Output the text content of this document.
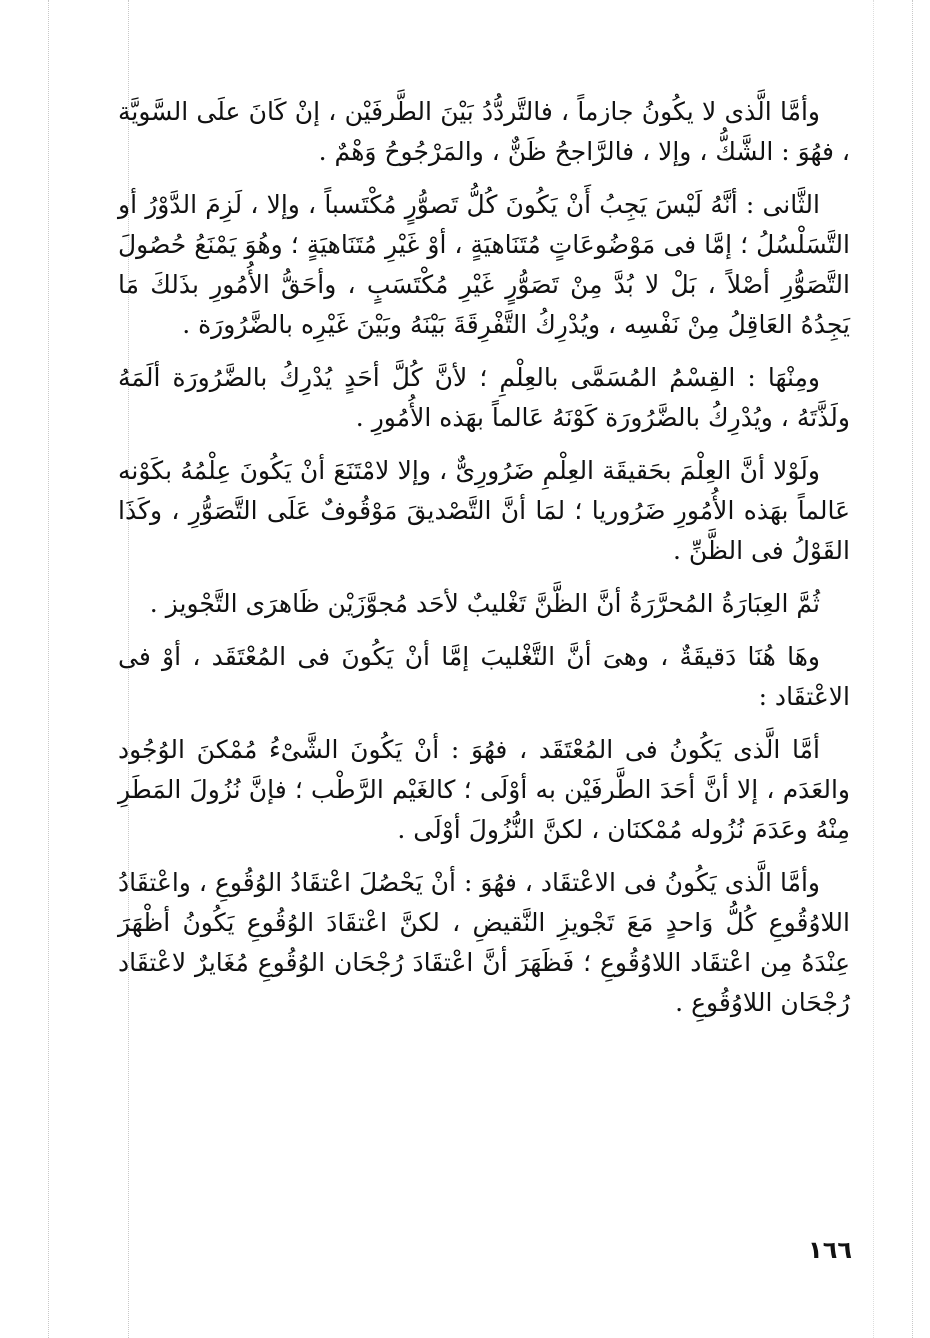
وأمَّا الَّذى لا يكُونُ جازماً ، فالتَّردُّدُ بَيْنَ الطَّرفَيْن ، إنْ كَانَ علَى السَّويَّة ، فهُوَ : الشَّكُّ ، وإلا ، فالرَّاجحُ ظَنٌّ ، والمَرْجُوحُ وَهْمٌ .

الثَّانى : أنَّهُ لَيْسَ يَجِبُ أَنْ يَكُونَ كُلُّ تَصوُّرٍ مُكْتَسباً ، وإلا ، لَزِمَ الدَّوْرُ أو التَّسَلْسُلُ ؛ إمَّا فى مَوْضُوعَاتٍ مُتَنَاهيَةٍ ، أوْ غَيْرِ مُتَنَاهيَةٍ ؛ وهُوَ يَمْنَعُ حُصُولَ التَّصَوُّرِ أصْلاً ، بَلْ لا بُدَّ مِنْ تَصَوُّرٍ غَيْرِ مُكْتَسَبٍ ، وأحَقُّ الأُمُورِ بذَلكَ مَا يَجِدُهُ العَاقِلُ مِنْ نَفْسِه ، ويُدْرِكُ التَّفْرِقَةَ بَيْنَهُ وبَيْنَ غَيْرِه بالضَّرُورَة .

ومِنْهَا : القِسْمُ المُسَمَّى بالعِلْمِ ؛ لأنَّ كُلَّ أحَدٍ يُدْرِكُ بالضَّرُورَة ألَمَهُ ولَذَّتَهُ ، ويُدْرِكُ بالضَّرُورَة كَوْنَهُ عَالماً بهَذه الأُمُورِ .

ولَوْلا أنَّ العِلْمَ بحَقيقَة العِلْمِ ضَرُورِىٌّ ، وإلا لامْتَنَعَ أنْ يَكُونَ عِلْمُهُ بكَوْنه عَالماً بهَذه الأُمُورِ ضَرُوريا ؛ لمَا أنَّ التَّصْديقَ مَوْقُوفٌ عَلَى التَّصَوُّرِ ، وكَذَا القَوْلُ فى الظَّنِّ .

ثُمَّ العِبَارَةُ المُحرَّرَةُ أنَّ الظَّنَّ تَغْليبٌ لأحَد مُجوَّزَيْن ظَاهرَى التَّجْويز .

وهَا هُنَا دَقيقَةٌ ، وهىَ أنَّ التَّغْليبَ إمَّا أنْ يَكُونَ فى المُعْتَقَد ، أوْ فى الاعْتقَاد :

أمَّا الَّذى يَكُونُ فى المُعْتَقَد ، فهُوَ : أنْ يَكُونَ الشَّىْءُ مُمْكنَ الوُجُود والعَدَم ، إلا أنَّ أحَدَ الطَّرفَيْن به أوْلَى ؛ كالغَيْم الرَّطْب ؛ فإنَّ نُزُولَ المَطَرِ مِنْهُ وعَدَمَ نُزُوله مُمْكنَان ، لكنَّ النُّزُولَ أوْلَى .

وأمَّا الَّذى يَكُونُ فى الاعْتقَاد ، فهُوَ : أنْ يَحْصُلَ اعْتقَادُ الوُقُوعِ ، واعْتقَادُ اللاوُقُوعِ كُلُّ وَاحدٍ مَعَ تَجْويزِ النَّقيضِ ، لكنَّ اعْتقَادَ الوُقُوعِ يَكُونُ أظْهَرَ عِنْدَهُ مِن اعْتقَاد اللاوُقُوعِ ؛ فَظَهَرَ أنَّ اعْتقَادَ رُجْحَان الوُقُوعِ مُغَايرٌ لاعْتقَاد رُجْحَان اللاوُقُوعِ .

١٦٦
